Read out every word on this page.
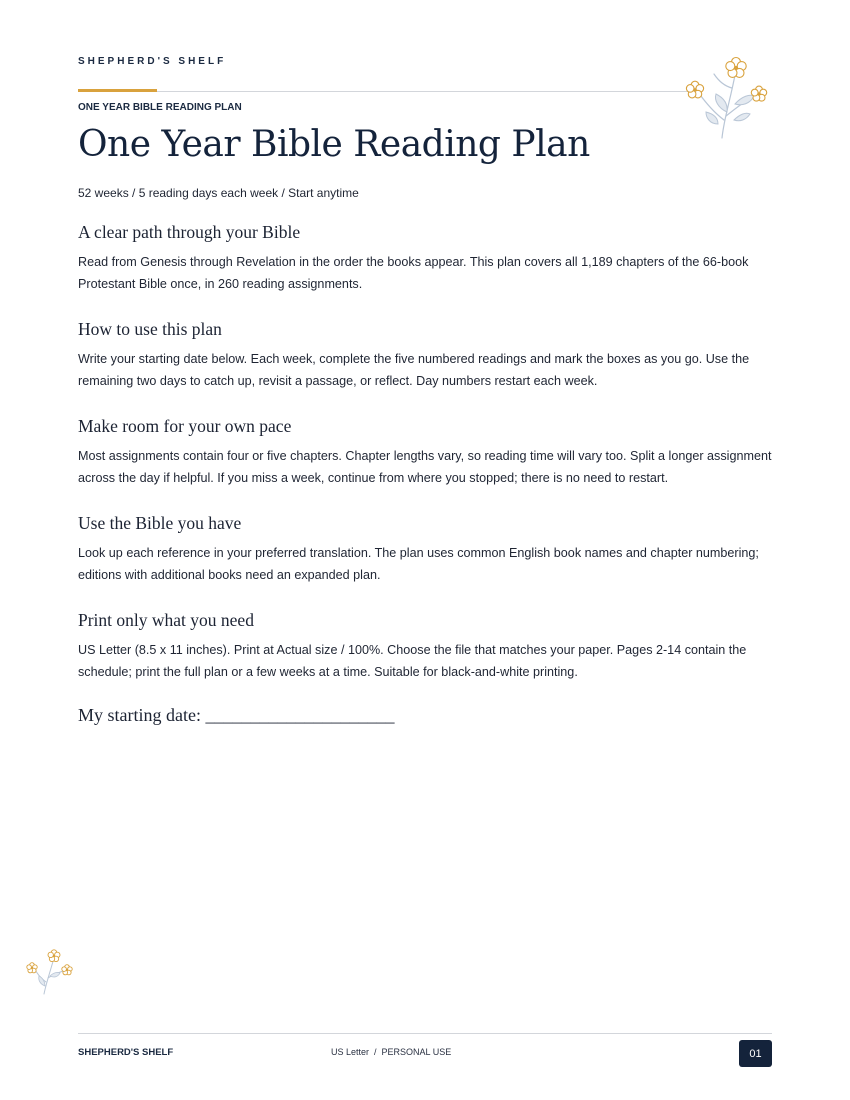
SHEPHERD'S SHELF
ONE YEAR BIBLE READING PLAN
One Year Bible Reading Plan
52 weeks / 5 reading days each week / Start anytime
A clear path through your Bible

Read from Genesis through Revelation in the order the books appear. This plan covers all 1,189 chapters of the 66-book Protestant Bible once, in 260 reading assignments.

How to use this plan

Write your starting date below. Each week, complete the five numbered readings and mark the boxes as you go. Use the remaining two days to catch up, revisit a passage, or reflect. Day numbers restart each week.

Make room for your own pace

Most assignments contain four or five chapters. Chapter lengths vary, so reading time will vary too. Split a longer assignment across the day if helpful. If you miss a week, continue from where you stopped; there is no need to restart.

Use the Bible you have

Look up each reference in your preferred translation. The plan uses common English book names and chapter numbering; editions with additional books need an expanded plan.

Print only what you need

US Letter (8.5 x 11 inches). Print at Actual size / 100%. Choose the file that matches your paper. Pages 2-14 contain the schedule; print the full plan or a few weeks at a time. Suitable for black-and-white printing.

My starting date: _____________________
SHEPHERD'S SHELF	US Letter  /  PERSONAL USE	01
